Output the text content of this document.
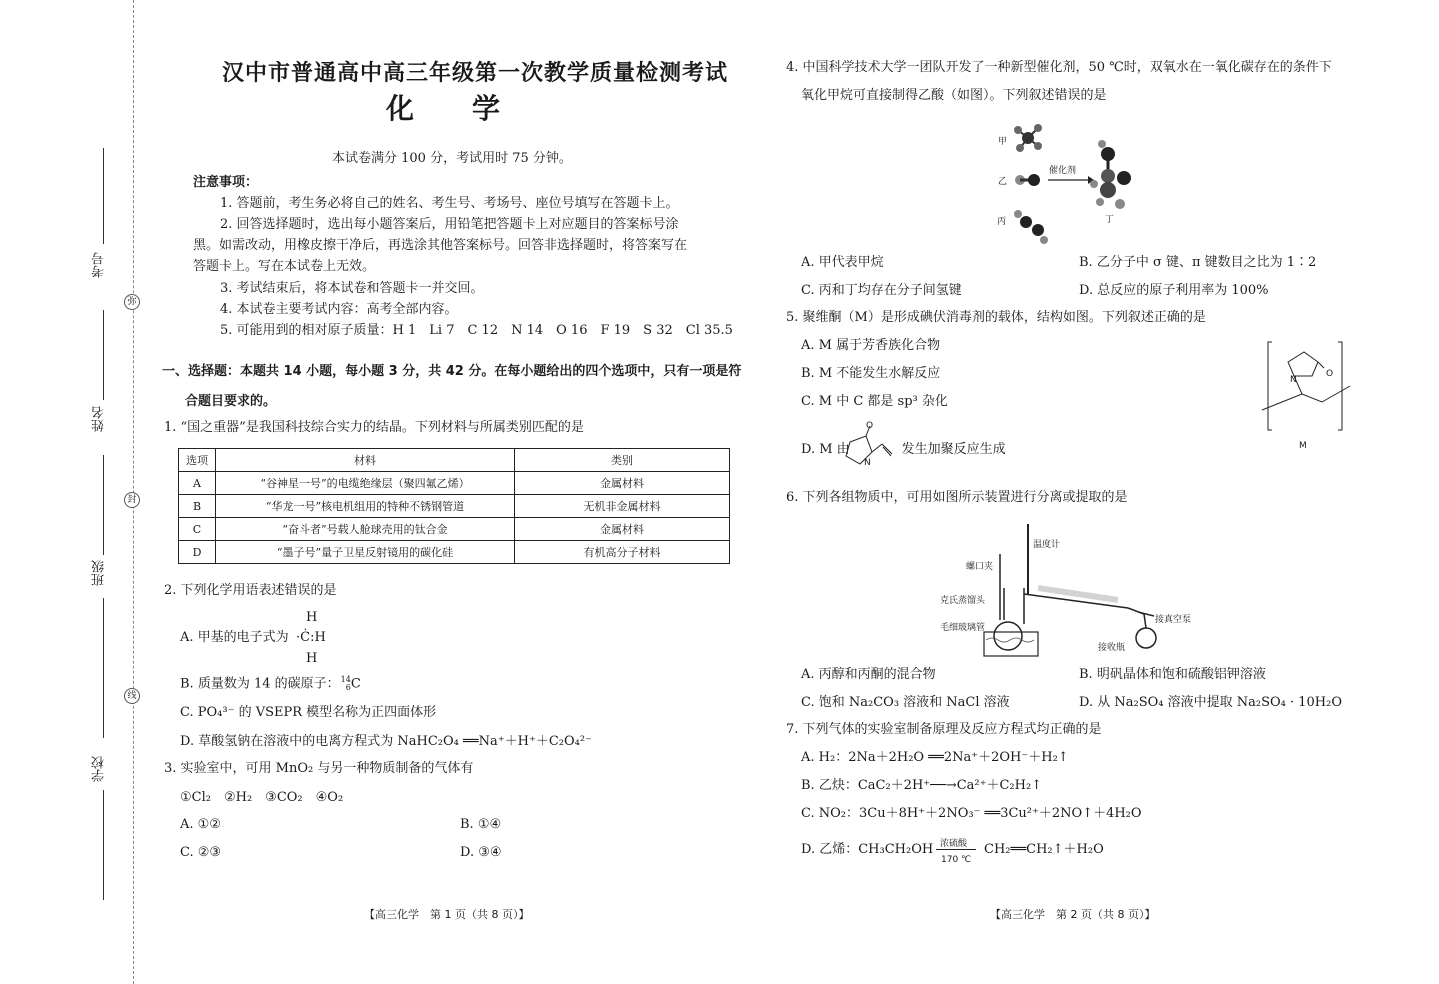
考号
弥
姓名
封
班级
线
学校
汉中市普通高中高三年级第一次教学质量检测考试
化学
本试卷满分 100 分，考试用时 75 分钟。
注意事项：
1. 答题前，考生务必将自己的姓名、考生号、考场号、座位号填写在答题卡上。
2. 回答选择题时，选出每小题答案后，用铅笔把答题卡上对应题目的答案标号涂
黑。如需改动，用橡皮擦干净后，再选涂其他答案标号。回答非选择题时，将答案写在
答题卡上。写在本试卷上无效。
3. 考试结束后，将本试卷和答题卡一并交回。
4. 本试卷主要考试内容：高考全部内容。
5. 可能用到的相对原子质量：H 1　Li 7　C 12　N 14　O 16　F 19　S 32　Cl 35.5
一、选择题：本题共 14 小题，每小题 3 分，共 42 分。在每小题给出的四个选项中，只有一项是符
合题目要求的。
1. “国之重器”是我国科技综合实力的结晶。下列材料与所属类别匹配的是
选项	材料	类别
A	“谷神星一号”的电缆绝缘层（聚四氟乙烯）	金属材料
B	“华龙一号”核电机组用的特种不锈钢管道	无机非金属材料
C	“奋斗者”号载人舱球壳用的钛合金	金属材料
D	“墨子号”量子卫星反射镜用的碳化硅	有机高分子材料
2. 下列化学用语表述错误的是
A. 甲基的电子式为
H
·Ċ:H
H
B. 质量数为 14 的碳原子：14
6C
C. PO₄³⁻ 的 VSEPR 模型名称为正四面体形
D. 草酸氢钠在溶液中的电离方程式为 NaHC₂O₄ ══Na⁺＋H⁺＋C₂O₄²⁻
3. 实验室中，可用 MnO₂ 与另一种物质制备的气体有
①Cl₂　②H₂　③CO₂　④O₂
A. ①②	B. ①④
C. ②③	D. ③④
【高三化学　第 1 页（共 8 页）】
4. 中国科学技术大学一团队开发了一种新型催化剂，50 ℃时，双氧水在一氧化碳存在的条件下
氧化甲烷可直接制得乙酸（如图）。下列叙述错误的是
甲
乙
丙
催化剂
丁
A. 甲代表甲烷	B. 乙分子中 σ 键、π 键数目之比为 1∶2
C. 丙和丁均存在分子间氢键	D. 总反应的原子利用率为 100%
5. 聚维酮（M）是形成碘伏消毒剂的载体，结构如图。下列叙述正确的是
A. M 属于芳香族化合物
B. M 不能发生水解反应
C. M 中 C 都是 sp³ 杂化
D. M 由	发生加聚反应生成
O
N
N
O
M
6. 下列各组物质中，可用如图所示装置进行分离或提取的是
温度计
螺口夹
克氏蒸馏头
毛细玻璃管
接真空泵
接收瓶
A. 丙醇和丙酮的混合物	B. 明矾晶体和饱和硫酸铝钾溶液
C. 饱和 Na₂CO₃ 溶液和 NaCl 溶液	D. 从 Na₂SO₄ 溶液中提取 Na₂SO₄ · 10H₂O
7. 下列气体的实验室制备原理及反应方程式均正确的是
A. H₂：2Na＋2H₂O ══2Na⁺＋2OH⁻＋H₂↑
B. 乙炔：CaC₂＋2H⁺──→Ca²⁺＋C₂H₂↑
C. NO₂：3Cu＋8H⁺＋2NO₃⁻ ══3Cu²⁺＋2NO↑＋4H₂O
D. 乙烯：CH₃CH₂OH 浓硫酸
170 ℃
CH₂══CH₂↑＋H₂O
【高三化学　第 2 页（共 8 页）】
